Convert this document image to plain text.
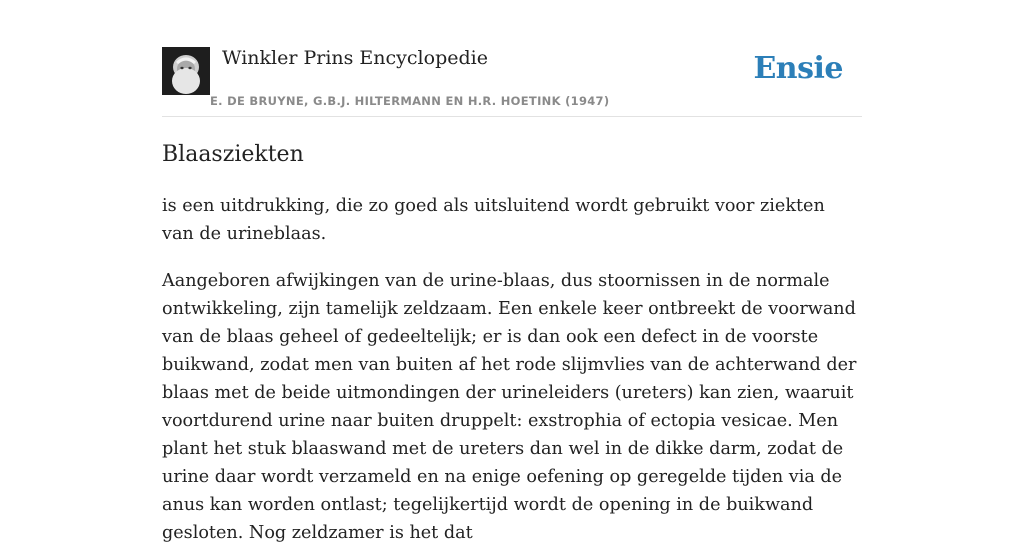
Winkler Prins Encyclopedie
E. DE BRUYNE, G.B.J. HILTERMANN EN H.R. HOETINK (1947)
Ensie
Blaasziekten

is een uitdrukking, die zo goed als uitsluitend wordt gebruikt voor ziekten van de urineblaas.

Aangeboren afwijkingen van de urine-blaas, dus stoornissen in de normale ontwikkeling, zijn tamelijk zeldzaam. Een enkele keer ontbreekt de voorwand van de blaas geheel of gedeeltelijk; er is dan ook een defect in de voorste buikwand, zodat men van buiten af het rode slijmvlies van de achterwand der blaas met de beide uitmondingen der urineleiders (ureters) kan zien, waaruit voortdurend urine naar buiten druppelt: exstrophia of ectopia vesicae. Men plant het stuk blaaswand met de ureters dan wel in de dikke darm, zodat de urine daar wordt verzameld en na enige oefening op geregelde tijden via de anus kan worden ontlast; tegelijkertijd wordt de opening in de buikwand gesloten. Nog zeldzamer is het dat
